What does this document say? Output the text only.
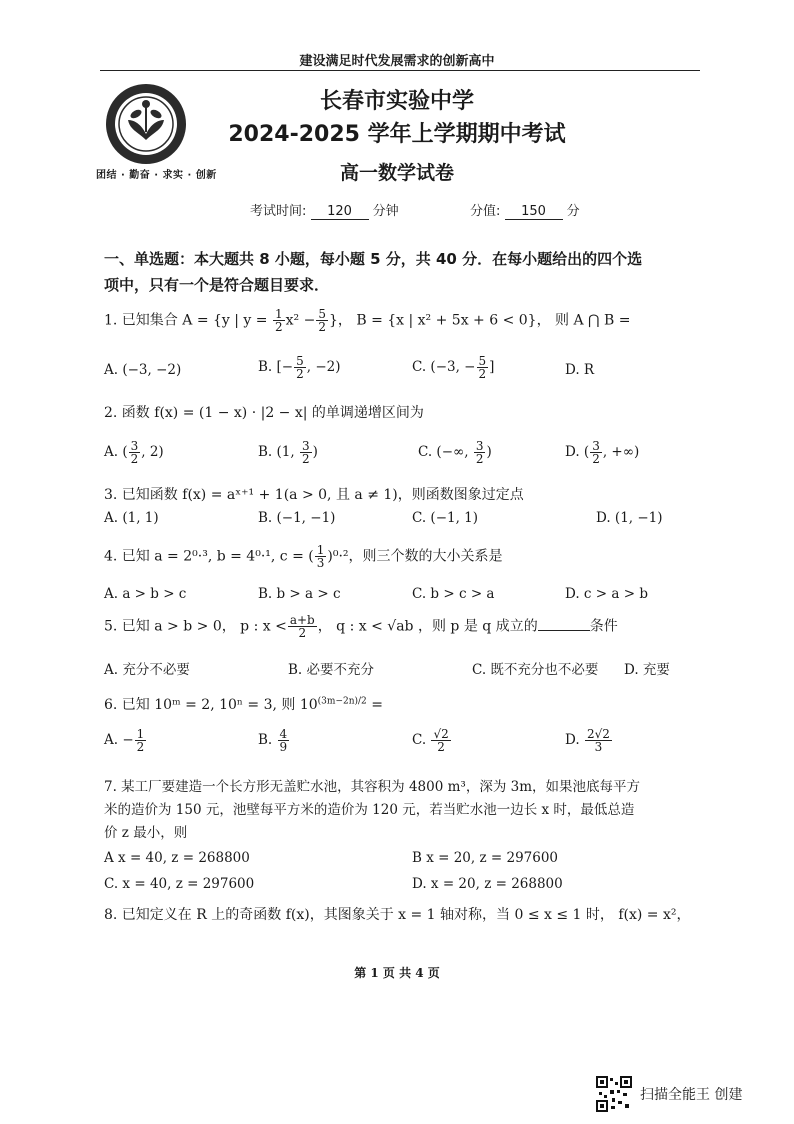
建设满足时代发展需求的创新高中
团结 · 勤奋 · 求实 · 创新
长春市实验中学
2024-2025 学年上学期期中考试
高一数学试卷
考试时间: 120 分钟	分值: 150 分
一、单选题：本大题共 8 小题，每小题 5 分，共 40 分．在每小题给出的四个选
项中，只有一个是符合题目要求．
1. 已知集合 A = {y | $y = \frac{1}{2} x^2 - \frac{5}{2}$ }， B = {x | x² + 5x + 6 < 0}， 则 A ⋂ B =
A. (−3, −2)	B. [− $\frac{5}{2}$ , −2)	C. (−3, − $\frac{5}{2}$ ]	D. R
2. 函数 f(x) = (1 − x) · |2 − x| 的单调递增区间为
A. ( $\frac{3}{2}$ , 2)	B. (1, $\frac{3}{2}$ )	C. (−∞, $\frac{3}{2}$ )	D. ( $\frac{3}{2}$ , +∞)
3. 已知函数 f(x) = aˣ⁺¹ + 1(a > 0, 且 a ≠ 1)，则函数图象过定点
A. (1, 1)	B. (−1, −1)	C. (−1, 1)	D. (1, −1)
4. 已知 a = 2⁰·³, b = 4⁰·¹, c = ( $\frac{1}{3} )^0\cdot^2$，则三个数的大小关系是
A. a > b > c	B. b > a > c	C. b > c > a	D. c > a > b
5. 已知 a > b > 0， p : $x < \frac{a+b}{2}$ ， q : x < √ab ，则 p 是 q 成立的	条件
A. 充分不必要	B. 必要不充分	C. 既不充分也不必要 D. 充要
6. 已知 10ᵐ = 2, 10ⁿ = 3, 则 $10^{(3m-2n)/2}$ =
A. − $\frac{1}{2}$	B. $\frac{4}{9}$	C. $\frac{√2}{2}$	D. $\frac{2√2}{3}$
7. 某工厂要建造一个长方形无盖贮水池，其容积为 4800 m³，深为 3m，如果池底每平方
米的造价为 150 元，池壁每平方米的造价为 120 元，若当贮水池一边长 x 时，最低总造
价 z 最小，则
A x = 40, z = 268800	B x = 20, z = 297600
C. x = 40, z = 297600	D. x = 20, z = 268800
8. 已知定义在 R 上的奇函数 f(x)，其图象关于 x = 1 轴对称，当 0 ≤ x ≤ 1 时， f(x) = x²，
第 1 页 共 4 页
扫描全能王 创建
